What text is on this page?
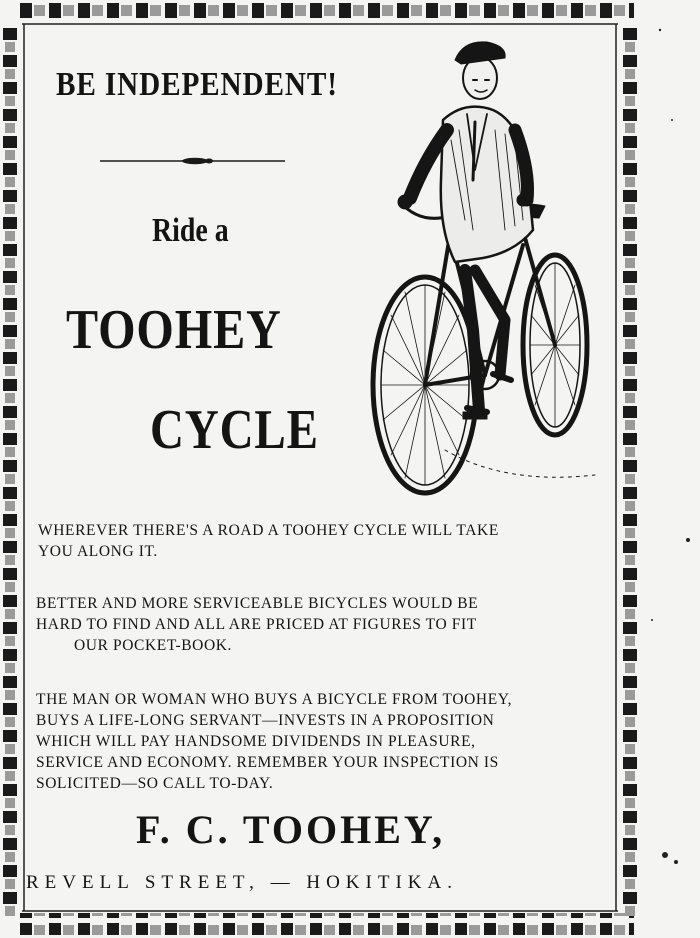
BE INDEPENDENT!

Ride a

TOOHEY

CYCLE

WHEREVER THERE'S A ROAD A TOOHEY CYCLE WILL TAKE

YOU ALONG IT.

BETTER AND MORE SERVICEABLE BICYCLES WOULD BE

HARD TO FIND AND ALL ARE PRICED AT FIGURES TO FIT

OUR POCKET-BOOK.

THE MAN OR WOMAN WHO BUYS A BICYCLE FROM TOOHEY,

BUYS A LIFE-LONG SERVANT—INVESTS IN A PROPOSITION

WHICH WILL PAY HANDSOME DIVIDENDS IN PLEASURE,

SERVICE AND ECONOMY. REMEMBER YOUR INSPECTION IS

SOLICITED—SO CALL TO-DAY.

F. C. TOOHEY,

REVELL STREET, — HOKITIKA.
